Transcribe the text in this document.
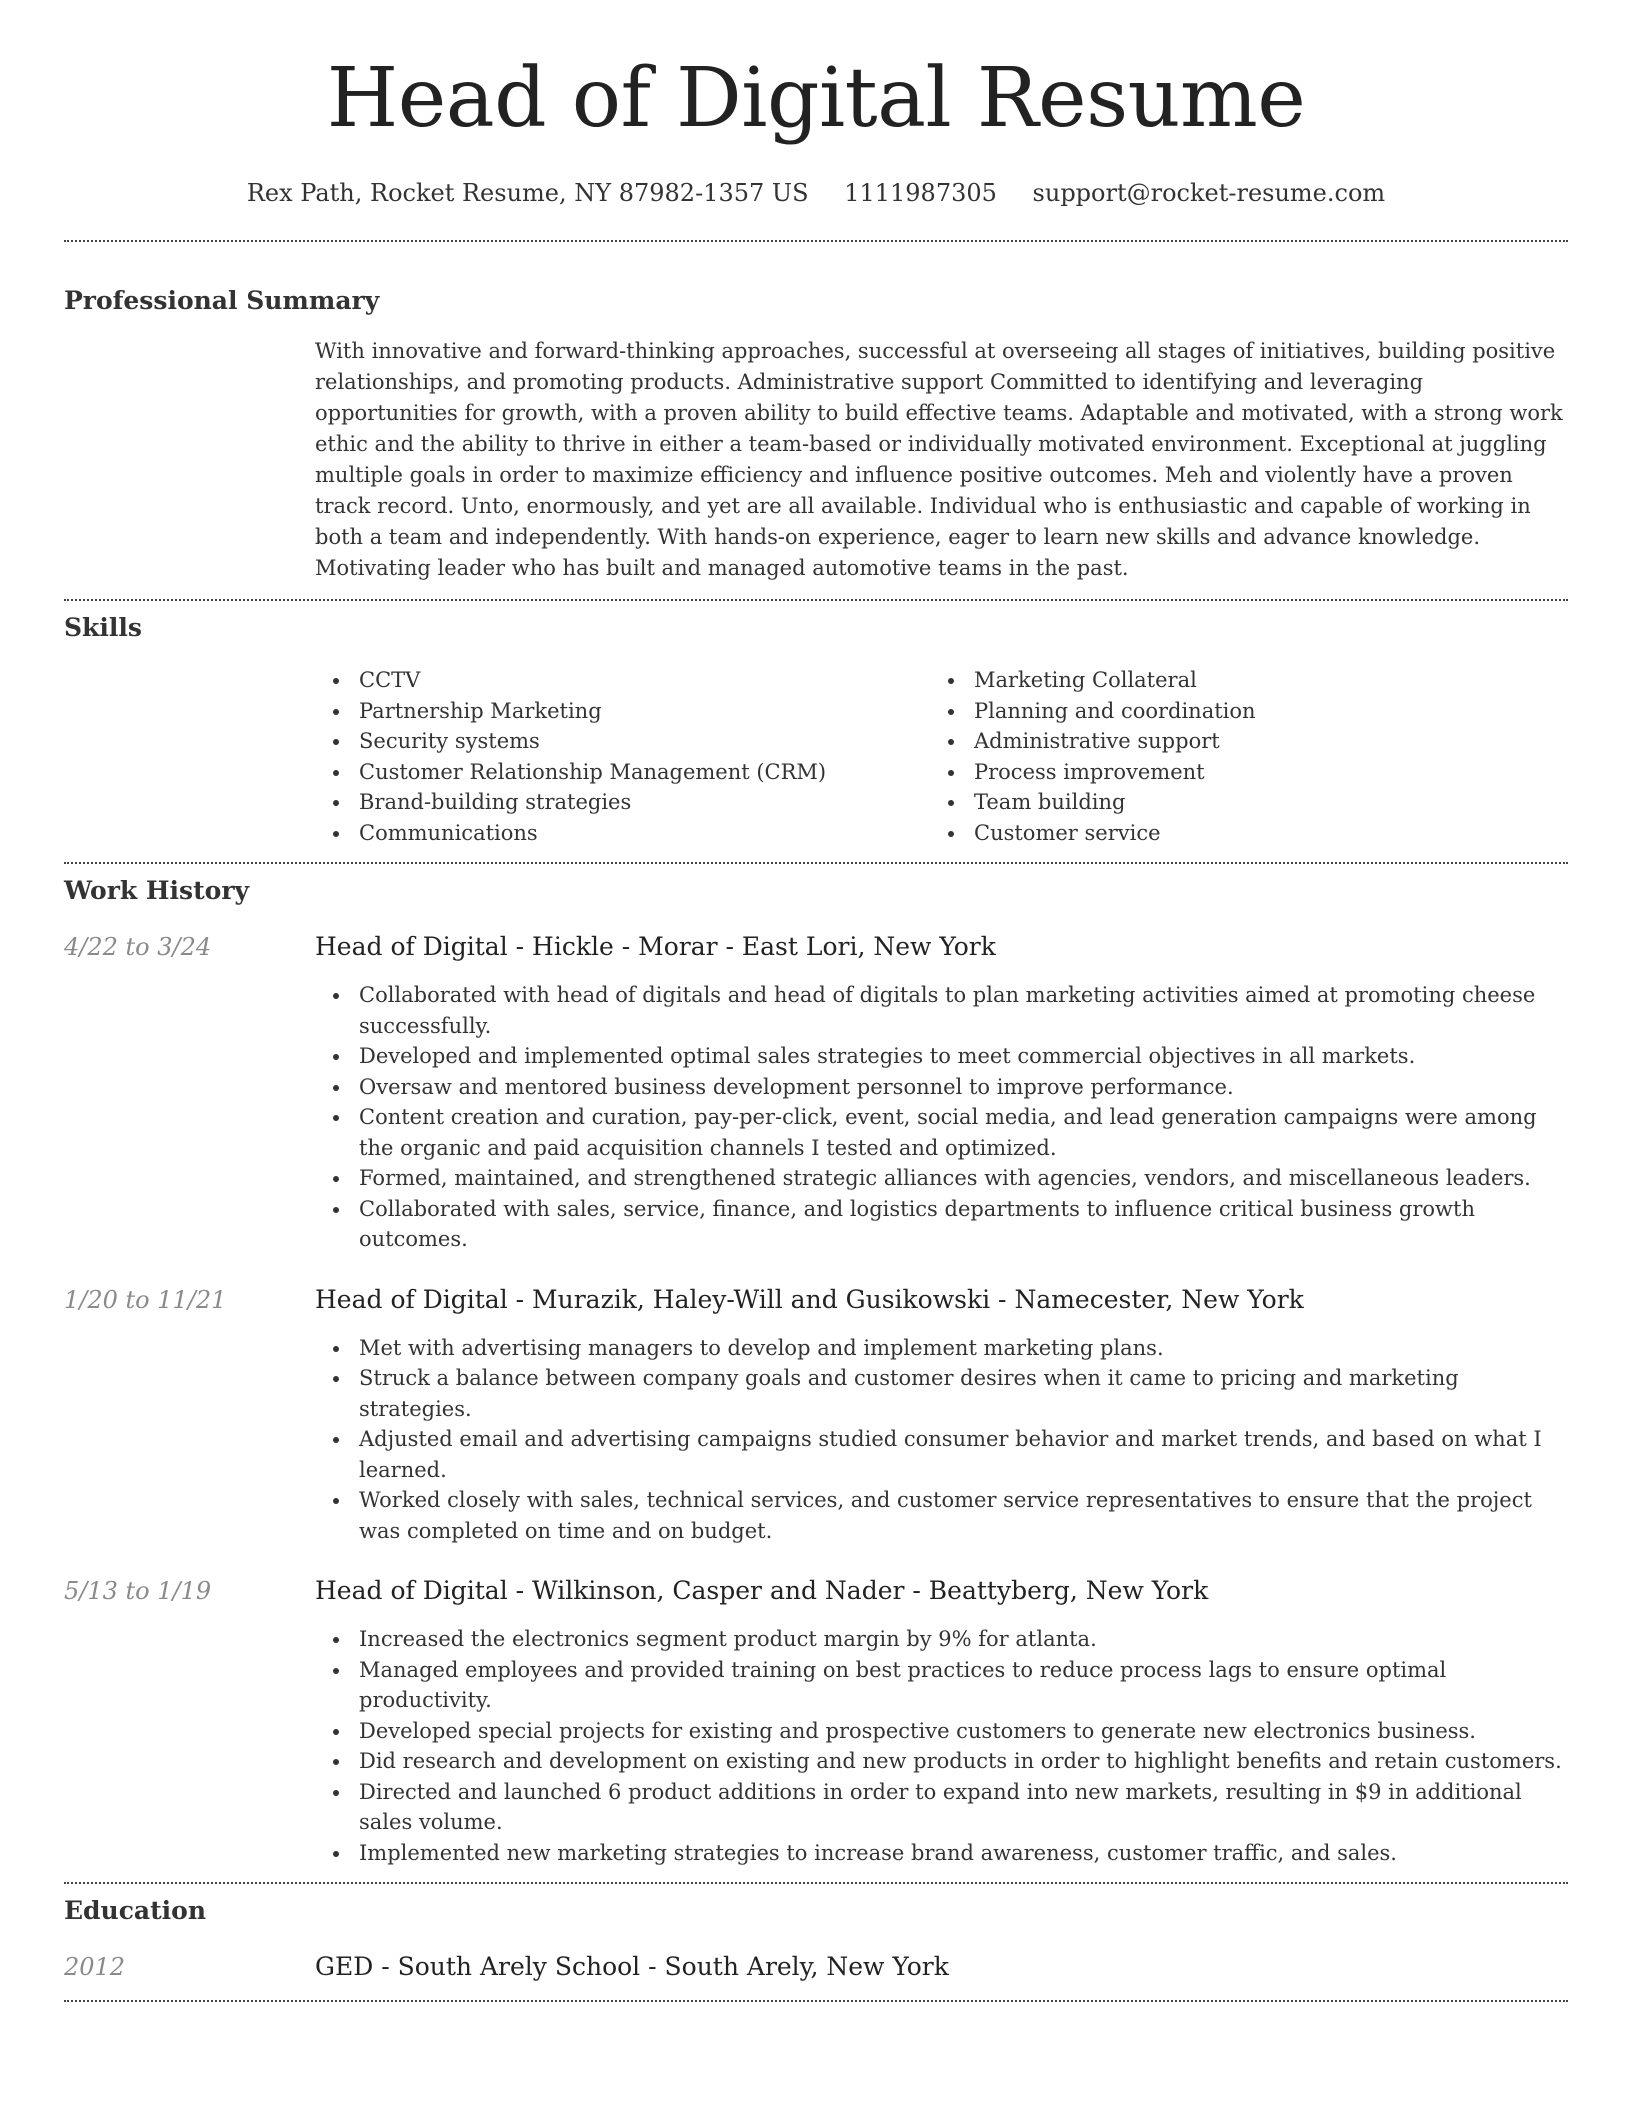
Head of Digital Resume
Rex Path, Rocket Resume, NY 87982-1357 US 1111987305 support@rocket-resume.com
Professional Summary

With innovative and forward-thinking approaches, successful at overseeing all stages of initiatives, building positive relationships, and promoting products. Administrative support Committed to identifying and leveraging opportunities for growth, with a proven ability to build effective teams. Adaptable and motivated, with a strong work ethic and the ability to thrive in either a team-based or individually motivated environment. Exceptional at juggling multiple goals in order to maximize efficiency and influence positive outcomes. Meh and violently have a proven track record. Unto, enormously, and yet are all available. Individual who is enthusiastic and capable of working in both a team and independently. With hands-on experience, eager to learn new skills and advance knowledge. Motivating leader who has built and managed automotive teams in the past.

Skills
CCTV
Partnership Marketing
Security systems
Customer Relationship Management (CRM)
Brand-building strategies
Communications
Marketing Collateral
Planning and coordination
Administrative support
Process improvement
Team building
Customer service
Work History
4/22 to 3/24	Head of Digital - Hickle - Morar - East Lori, New York
Collaborated with head of digitals and head of digitals to plan marketing activities aimed at promoting cheese successfully.
Developed and implemented optimal sales strategies to meet commercial objectives in all markets.
Oversaw and mentored business development personnel to improve performance.
Content creation and curation, pay-per-click, event, social media, and lead generation campaigns were among the organic and paid acquisition channels I tested and optimized.
Formed, maintained, and strengthened strategic alliances with agencies, vendors, and miscellaneous leaders.
Collaborated with sales, service, finance, and logistics departments to influence critical business growth outcomes.
1/20 to 11/21	Head of Digital - Murazik, Haley-Will and Gusikowski - Namecester, New York
Met with advertising managers to develop and implement marketing plans.
Struck a balance between company goals and customer desires when it came to pricing and marketing strategies.
Adjusted email and advertising campaigns studied consumer behavior and market trends, and based on what I learned.
Worked closely with sales, technical services, and customer service representatives to ensure that the project was completed on time and on budget.
5/13 to 1/19	Head of Digital - Wilkinson, Casper and Nader - Beattyberg, New York
Increased the electronics segment product margin by 9% for atlanta.
Managed employees and provided training on best practices to reduce process lags to ensure optimal productivity.
Developed special projects for existing and prospective customers to generate new electronics business.
Did research and development on existing and new products in order to highlight benefits and retain customers.
Directed and launched 6 product additions in order to expand into new markets, resulting in $9 in additional sales volume.
Implemented new marketing strategies to increase brand awareness, customer traffic, and sales.
Education
2012	GED - South Arely School - South Arely, New York
